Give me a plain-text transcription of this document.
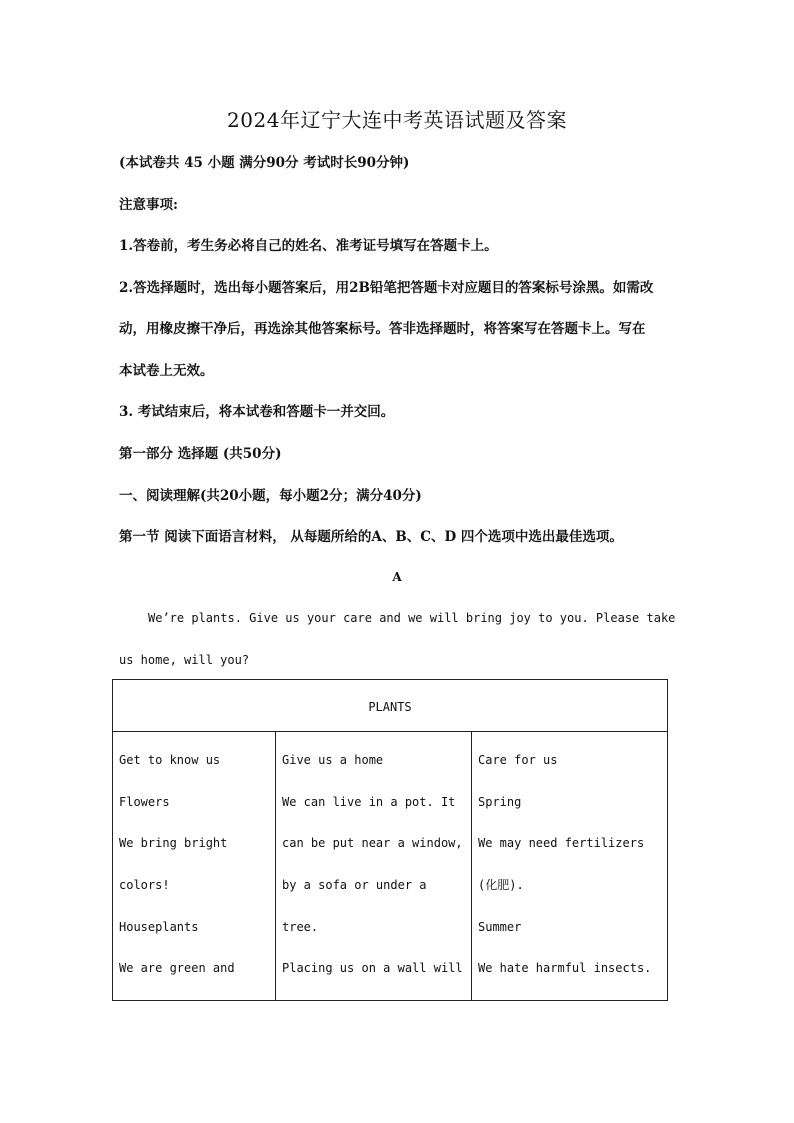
2024年辽宁大连中考英语试题及答案
(本试卷共 45 小题 满分90分 考试时长90分钟)
注意事项:
1.答卷前，考生务必将自己的姓名、准考证号填写在答题卡上。
2.答选择题时，选出每小题答案后，用2B铅笔把答题卡对应题目的答案标号涂黑。如需改
动，用橡皮擦干净后，再选涂其他答案标号。答非选择题时，将答案写在答题卡上。写在
本试卷上无效。
3. 考试结束后，将本试卷和答题卡一并交回。
第一部分 选择题 (共50分)
一、阅读理解(共20小题，每小题2分；满分40分)
第一节 阅读下面语言材料， 从每题所给的A、B、C、D 四个选项中选出最佳选项。
A
We’re plants. Give us your care and we will bring joy to you. Please take
us home, will you?
PLANTS

Get to know us
Flowers
We bring bright
colors!
Houseplants
We are green and

Give us a home
We can live in a pot. It
can be put near a window,
by a sofa or under a
tree.
Placing us on a wall will

Care for us
Spring
We may need fertilizers
(化肥).
Summer
We hate harmful insects.
